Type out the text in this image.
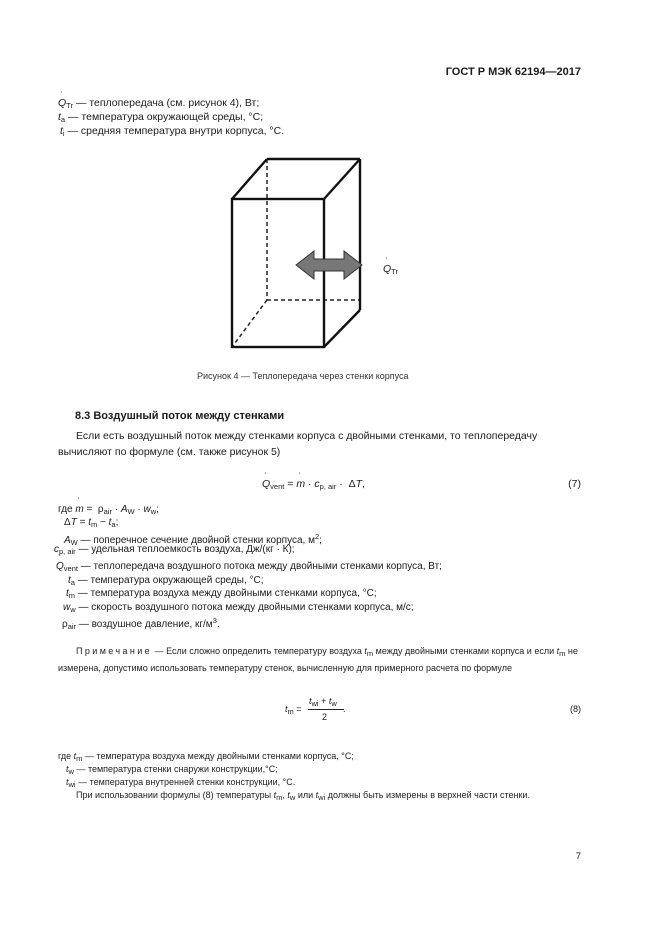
ГОСТ Р МЭК 62194—2017
˙ $Q_{Tr}$ — теплопередача (см. рисунок 4), Вт;
$t_a$ — температура окружающей среды, °С;
$t_i$ — средняя температура внутри корпуса, °С.
˙ $Q_{Tr}$
Рисунок 4 — Теплопередача через стенки корпуса
8.3 Воздушный поток между стенками
Если есть воздушный поток между стенками корпуса с двойными стенками, то теплопередачу вычисляют по формуле (см. также рисунок 5)
˙ $Q_{vent}$ = ˙ $m \cdot c_{p, air} \cdot \Delta T$,	(7)
где ˙ $m = \rho_{air} \cdot A_W \cdot w_w$;
$\Delta T = t_m - t_a$;
$A_W$ — поперечное сечение двойной стенки корпуса, $м^2$;
$c_{p, air}$ — удельная теплоемкость воздуха, Дж/(кг · К);
˙ $Q_{vent}$ — теплопередача воздушного потока между двойными стенками корпуса, Вт;
$t_a$ — температура окружающей среды, °С;
$t_m$ — температура воздуха между двойными стенками корпуса, °С;
$w_w$ — скорость воздушного потока между двойными стенками корпуса, м/с;
$\rho_{air}$ — воздушное давление, $кг/м^3$.
Примечание — Если сложно определить температуру воздуха $t_m$ между двойными стенками корпуса и если $t_m$ не измерена, допустимо использовать температуру стенок, вычисленную для примерного расчета по формуле
$t_m$ =
$t_{wi} + t_w$
2
.	(8)
где $t_m$ — температура воздуха между двойными стенками корпуса, °С;
$t_w$ — температура стенки снаружи конструкции,°С;
$t_{wi}$ — температура внутренней стенки конструкции, °С.
При использовании формулы (8) температуры $t_m$, $t_w$ или $t_{wi}$ должны быть измерены в верхней части стенки.
7
